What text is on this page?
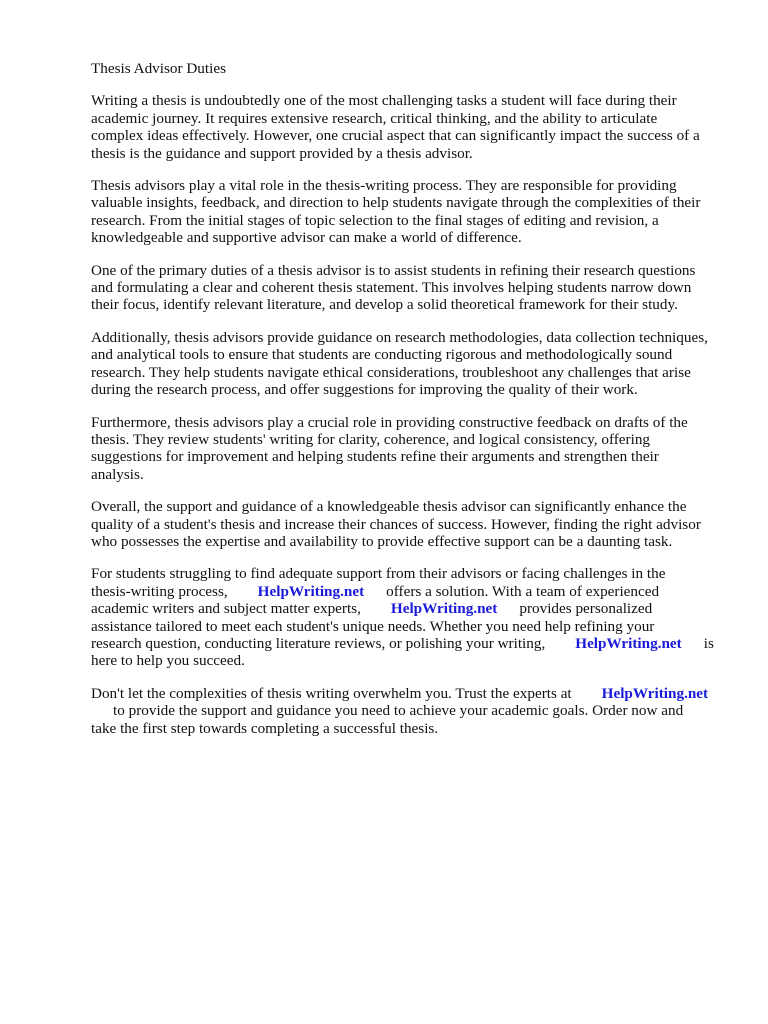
Thesis Advisor Duties

Writing a thesis is undoubtedly one of the most challenging tasks a student will face during their
academic journey. It requires extensive research, critical thinking, and the ability to articulate
complex ideas effectively. However, one crucial aspect that can significantly impact the success of a
thesis is the guidance and support provided by a thesis advisor.

Thesis advisors play a vital role in the thesis-writing process. They are responsible for providing
valuable insights, feedback, and direction to help students navigate through the complexities of their
research. From the initial stages of topic selection to the final stages of editing and revision, a
knowledgeable and supportive advisor can make a world of difference.

One of the primary duties of a thesis advisor is to assist students in refining their research questions
and formulating a clear and coherent thesis statement. This involves helping students narrow down
their focus, identify relevant literature, and develop a solid theoretical framework for their study.

Additionally, thesis advisors provide guidance on research methodologies, data collection techniques,
and analytical tools to ensure that students are conducting rigorous and methodologically sound
research. They help students navigate ethical considerations, troubleshoot any challenges that arise
during the research process, and offer suggestions for improving the quality of their work.

Furthermore, thesis advisors play a crucial role in providing constructive feedback on drafts of the
thesis. They review students' writing for clarity, coherence, and logical consistency, offering
suggestions for improvement and helping students refine their arguments and strengthen their
analysis.

Overall, the support and guidance of a knowledgeable thesis advisor can significantly enhance the
quality of a student's thesis and increase their chances of success. However, finding the right advisor
who possesses the expertise and availability to provide effective support can be a daunting task.

For students struggling to find adequate support from their advisors or facing challenges in the
thesis-writing process, HelpWriting.net offers a solution. With a team of experienced
academic writers and subject matter experts, HelpWriting.net provides personalized
assistance tailored to meet each student's unique needs. Whether you need help refining your
research question, conducting literature reviews, or polishing your writing, HelpWriting.net is
here to help you succeed.

Don't let the complexities of thesis writing overwhelm you. Trust the experts at HelpWriting.net
to provide the support and guidance you need to achieve your academic goals. Order now and
take the first step towards completing a successful thesis.
